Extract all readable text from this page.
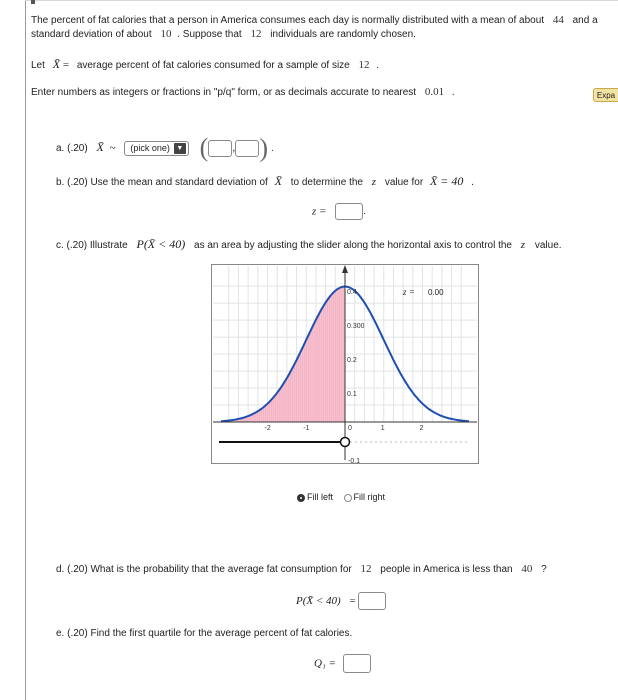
The percent of fat calories that a person in America consumes each day is normally distributed with a mean of about 44 and a
standard deviation of about 10 . Suppose that 12 individuals are randomly chosen.
Let X̄ = average percent of fat calories consumed for a sample of size 12 .
Enter numbers as integers or fractions in "p/q" form, or as decimals accurate to nearest 0.01 .	Expa
a. (.20) X̄ ~ (pick one) ▼ ( , ) .
b. (.20) Use the mean and standard deviation of X̄ to determine the z value for X̄ = 40 .
z =	.
c. (.20) Illustrate P(X̄ < 40) as an area by adjusting the slider along the horizontal axis to control the z value.
-2	-1	0	1	2
0.1
0.2
0.300
0.4
-0.1
z = 0.00
Fill left Fill right
d. (.20) What is the probability that the average fat consumption for 12 people in America is less than 40 ?
P(X̄ < 40) =
e. (.20) Find the first quartile for the average percent of fat calories.
Q₁ =
